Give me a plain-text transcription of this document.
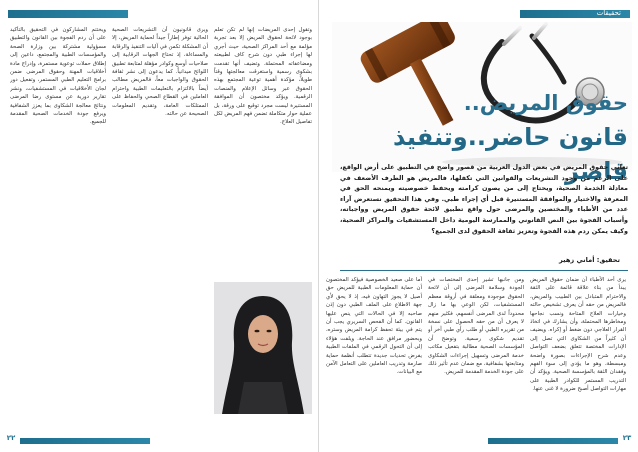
تحقيقات
حقوق المريض..
قانون حاضر..وتنفيذ قاصر
تعاني حقوق المريض في بعض الدول العربية من قصور واضح في التطبيق على أرض الواقع، على الرغم من وجود التشريعات والقوانين التي تكفلها، فالمريض هو الطرف الأضعف في معادلة الخدمة الصحية، ويحتاج إلى من يصون كرامته ويحفظ خصوصيته ويمنحه الحق في المعرفة والاختيار والموافقة المستنيرة قبل أي إجراء طبي. وفي هذا التحقيق نستعرض آراء عدد من الأطباء والمختصين والمرضى حول واقع تطبيق لائحة حقوق المريض وواجباته، وأسباب الفجوة بين النص القانوني والممارسة اليومية داخل المستشفيات والمراكز الصحية، وكيف يمكن ردم هذه الفجوة وتعزيز ثقافة الحقوق لدى الجميع؟
تحقيق: أماني زهير

يرى أحد الأطباء أن ضمان حقوق المريض يبدأ من بناء علاقة قائمة على الثقة والاحترام المتبادل بين الطبيب والمريض، فالمريض من حقه أن يعرف تشخيص حالته وخيارات العلاج المتاحة ونسب نجاحها ومخاطرها المحتملة، وأن يشارك في اتخاذ القرار العلاجي دون ضغط أو إكراه. ويضيف أن كثيراً من الشكاوى التي تصل إلى الإدارات المختصة تتعلق بضعف التواصل وعدم شرح الإجراءات بصورة واضحة ومبسطة، وهو ما يؤدي إلى سوء الفهم وفقدان الثقة بالمؤسسة الصحية. ويؤكد أن التدريب المستمر للكوادر الطبية على مهارات التواصل أصبح ضرورة لا غنى عنها.

ومن جانبها تشير إحدى المختصات في الجودة وسلامة المرضى إلى أن لائحة الحقوق موجودة ومعلقة في أروقة معظم المستشفيات، لكن الوعي بها ما زال محدوداً لدى المرضى أنفسهم، فكثير منهم لا يعرف أن من حقه الحصول على نسخة من تقريره الطبي أو طلب رأي طبي آخر أو تقديم شكوى رسمية. وتوضح أن المؤسسات الصحية مطالبة بتفعيل مكاتب خدمة المرضى وتسهيل إجراءات الشكاوى ومتابعتها بشفافية، مع ضمان عدم تأثير ذلك على جودة الخدمة المقدمة للمريض.

أما على صعيد الخصوصية فيؤكد المختصون أن حماية المعلومات الطبية للمريض حق أصيل لا يجوز التهاون فيه، إذ لا يحق لأي جهة الاطلاع على الملف الطبي دون إذن صاحبه إلا في الحالات التي ينص عليها القانون. كما أن الفحص السريري يجب أن يتم في بيئة تحفظ كرامة المريض وستره، وبحضور مرافق عند الحاجة. ويلفت هؤلاء إلى أن التحول الرقمي في الملفات الطبية يفرض تحديات جديدة تتطلب أنظمة حماية صارمة وتدريب العاملين على التعامل الآمن مع البيانات.

وتقول إحدى المريضات إنها لم تكن تعلم بوجود لائحة لحقوق المريض إلا بعد تجربة مؤلمة مع أحد المراكز الصحية، حيث أجري لها إجراء طبي دون شرح كاف لطبيعته ومضاعفاته المحتملة. وتضيف أنها تقدمت بشكوى رسمية واستغرقت معالجتها وقتاً طويلاً، مؤكدة أهمية توعية المجتمع بهذه الحقوق عبر وسائل الإعلام والمنصات الرقمية. ويؤكد مختصون أن الموافقة المستنيرة ليست مجرد توقيع على ورقة، بل عملية حوار متكاملة تضمن فهم المريض لكل تفاصيل العلاج.

ويرى قانونيون أن التشريعات الصحية الحالية توفر إطاراً جيداً لحماية المريض، إلا أن المشكلة تكمن في آليات التنفيذ والرقابة والمساءلة، إذ تحتاج الجهات الرقابية إلى صلاحيات أوسع وكوادر مؤهلة لمتابعة تطبيق اللوائح ميدانياً. كما يدعون إلى نشر ثقافة الحقوق والواجبات معاً، فالمريض مطالب أيضاً بالالتزام بالتعليمات الطبية واحترام العاملين في القطاع الصحي والحفاظ على الممتلكات العامة، وتقديم المعلومات الصحيحة عن حالته.

ويختتم المشاركون في التحقيق بالتأكيد على أن ردم الفجوة بين القانون والتطبيق مسؤولية مشتركة بين وزارة الصحة والمؤسسات الطبية والمجتمع، داعين إلى إطلاق حملات توعوية مستمرة، وإدراج مادة أخلاقيات المهنة وحقوق المرضى ضمن برامج التعليم الطبي المستمر، وتفعيل دور لجان الأخلاقيات في المستشفيات، ونشر تقارير دورية عن مستوى رضا المرضى ونتائج معالجة الشكاوى بما يعزز الشفافية ويرفع جودة الخدمات الصحية المقدمة للجميع.

٢٢	٢٣
